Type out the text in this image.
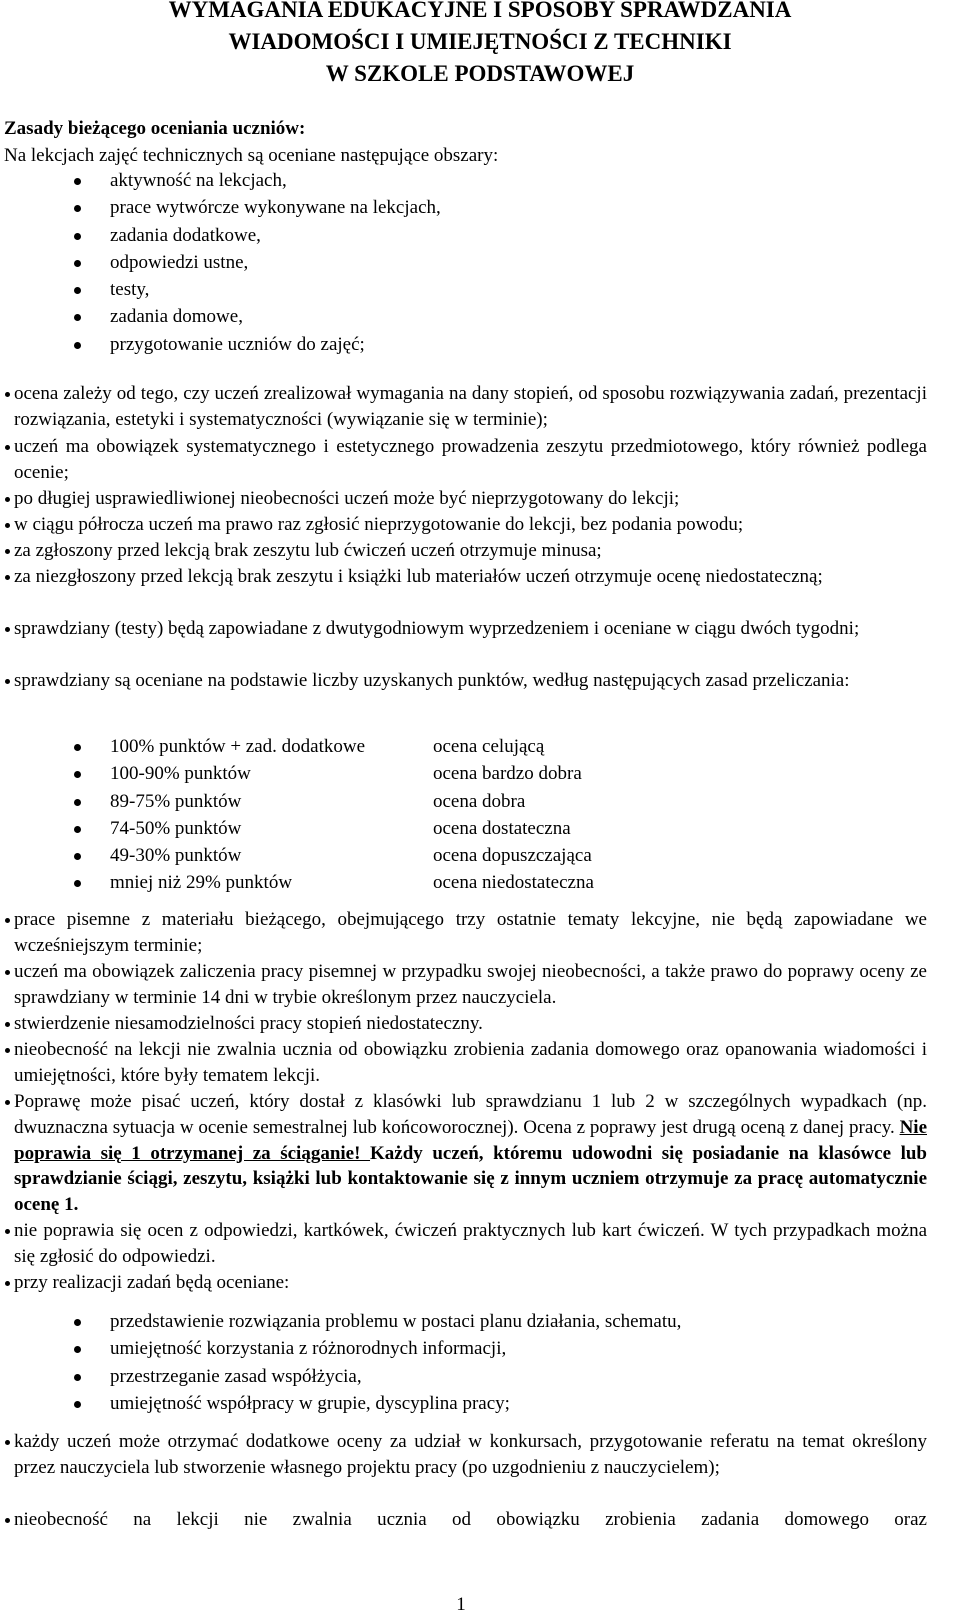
WYMAGANIA EDUKACYJNE I SPOSOBY SPRAWDZANIA
WIADOMOŚCI I UMIEJĘTNOŚCI Z TECHNIKI
W SZKOLE PODSTAWOWEJ
Zasady bieżącego oceniania uczniów:
Na lekcjach zajęć technicznych są oceniane następujące obszary:
aktywność na lekcjach,
prace wytwórcze wykonywane na lekcjach,
zadania dodatkowe,
odpowiedzi ustne,
testy,
zadania domowe,
przygotowanie uczniów do zajęć;
ocena zależy od tego, czy uczeń zrealizował wymagania na dany stopień, od sposobu rozwiązywania zadań, prezentacji rozwiązania, estetyki i systematyczności (wywiązanie się w terminie);
uczeń ma obowiązek systematycznego i estetycznego prowadzenia zeszytu przedmiotowego, który również podlega ocenie;
po długiej usprawiedliwionej nieobecności uczeń może być nieprzygotowany do lekcji;
w ciągu półrocza uczeń ma prawo raz zgłosić nieprzygotowanie do lekcji, bez podania powodu;
za zgłoszony przed lekcją brak zeszytu lub ćwiczeń uczeń otrzymuje minusa;
za niezgłoszony przed lekcją brak zeszytu i książki lub materiałów uczeń otrzymuje ocenę niedostateczną;
sprawdziany (testy) będą zapowiadane z dwutygodniowym wyprzedzeniem i oceniane w ciągu dwóch tygodni;
sprawdziany są oceniane na podstawie liczby uzyskanych punktów, według następujących zasad przeliczania:
100% punktów + zad. dodatkowe	ocena celującą
100-90% punktów	ocena bardzo dobra
89-75% punktów	ocena dobra
74-50% punktów	ocena dostateczna
49-30% punktów	ocena dopuszczająca
mniej niż 29% punktów	ocena niedostateczna
prace pisemne z materiału bieżącego, obejmującego trzy ostatnie tematy lekcyjne, nie będą zapowiadane we wcześniejszym terminie;
uczeń ma obowiązek zaliczenia pracy pisemnej w przypadku swojej nieobecności, a także prawo do poprawy oceny ze sprawdziany w terminie 14 dni w trybie określonym przez nauczyciela.
stwierdzenie niesamodzielności pracy stopień niedostateczny.
nieobecność na lekcji nie zwalnia ucznia od obowiązku zrobienia zadania domowego oraz opanowania wiadomości i umiejętności, które były tematem lekcji.
Poprawę może pisać uczeń, który dostał z klasówki lub sprawdzianu 1 lub 2 w szczególnych wypadkach (np. dwuznaczna sytuacja w ocenie semestralnej lub końcoworocznej). Ocena z poprawy jest drugą oceną z danej pracy. Nie poprawia się 1 otrzymanej za ściąganie! Każdy uczeń, któremu udowodni się posiadanie na klasówce lub sprawdzianie ściągi, zeszytu, książki lub kontaktowanie się z innym uczniem otrzymuje za pracę automatycznie ocenę 1.
nie poprawia się ocen z odpowiedzi, kartkówek, ćwiczeń praktycznych lub kart ćwiczeń. W tych przypadkach można się zgłosić do odpowiedzi.
przy realizacji zadań będą oceniane:
przedstawienie rozwiązania problemu w postaci planu działania, schematu,
umiejętność korzystania z różnorodnych informacji,
przestrzeganie zasad współżycia,
umiejętność współpracy w grupie, dyscyplina pracy;
każdy uczeń może otrzymać dodatkowe oceny za udział w konkursach, przygotowanie referatu na temat określony przez nauczyciela lub stworzenie własnego projektu pracy (po uzgodnieniu z nauczycielem);
nieobecność na lekcji nie zwalnia ucznia od obowiązku zrobienia zadania domowego oraz
1
